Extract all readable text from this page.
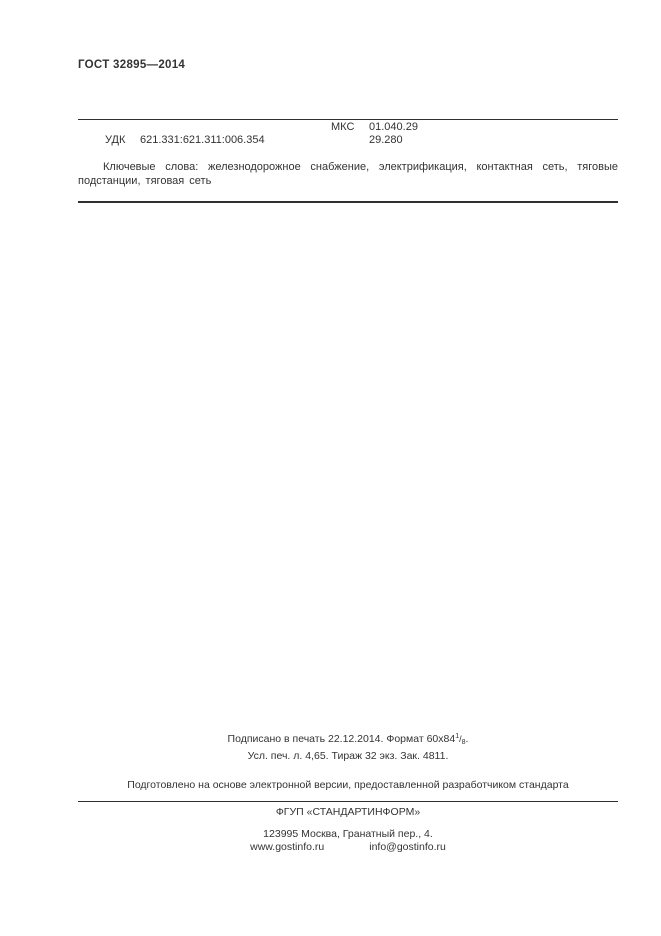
ГОСТ 32895—2014
МКС 01.040.29
УДК 621.331:621.311:006.354	29.280

Ключевые слова: железнодорожное снабжение, электрификация, контактная сеть, тяговые подстанции, тяговая сеть

Подписано в печать 22.12.2014. Формат $60х84^1/8$.
Усл. печ. л. 4,65. Тираж 32 экз. Зак. 4811.
Подготовлено на основе электронной версии, предоставленной разработчиком стандарта
ФГУП «СТАНДАРТИНФОРМ»
123995 Москва, Гранатный пер., 4.
www.gostinfo.ru	info@gostinfo.ru
